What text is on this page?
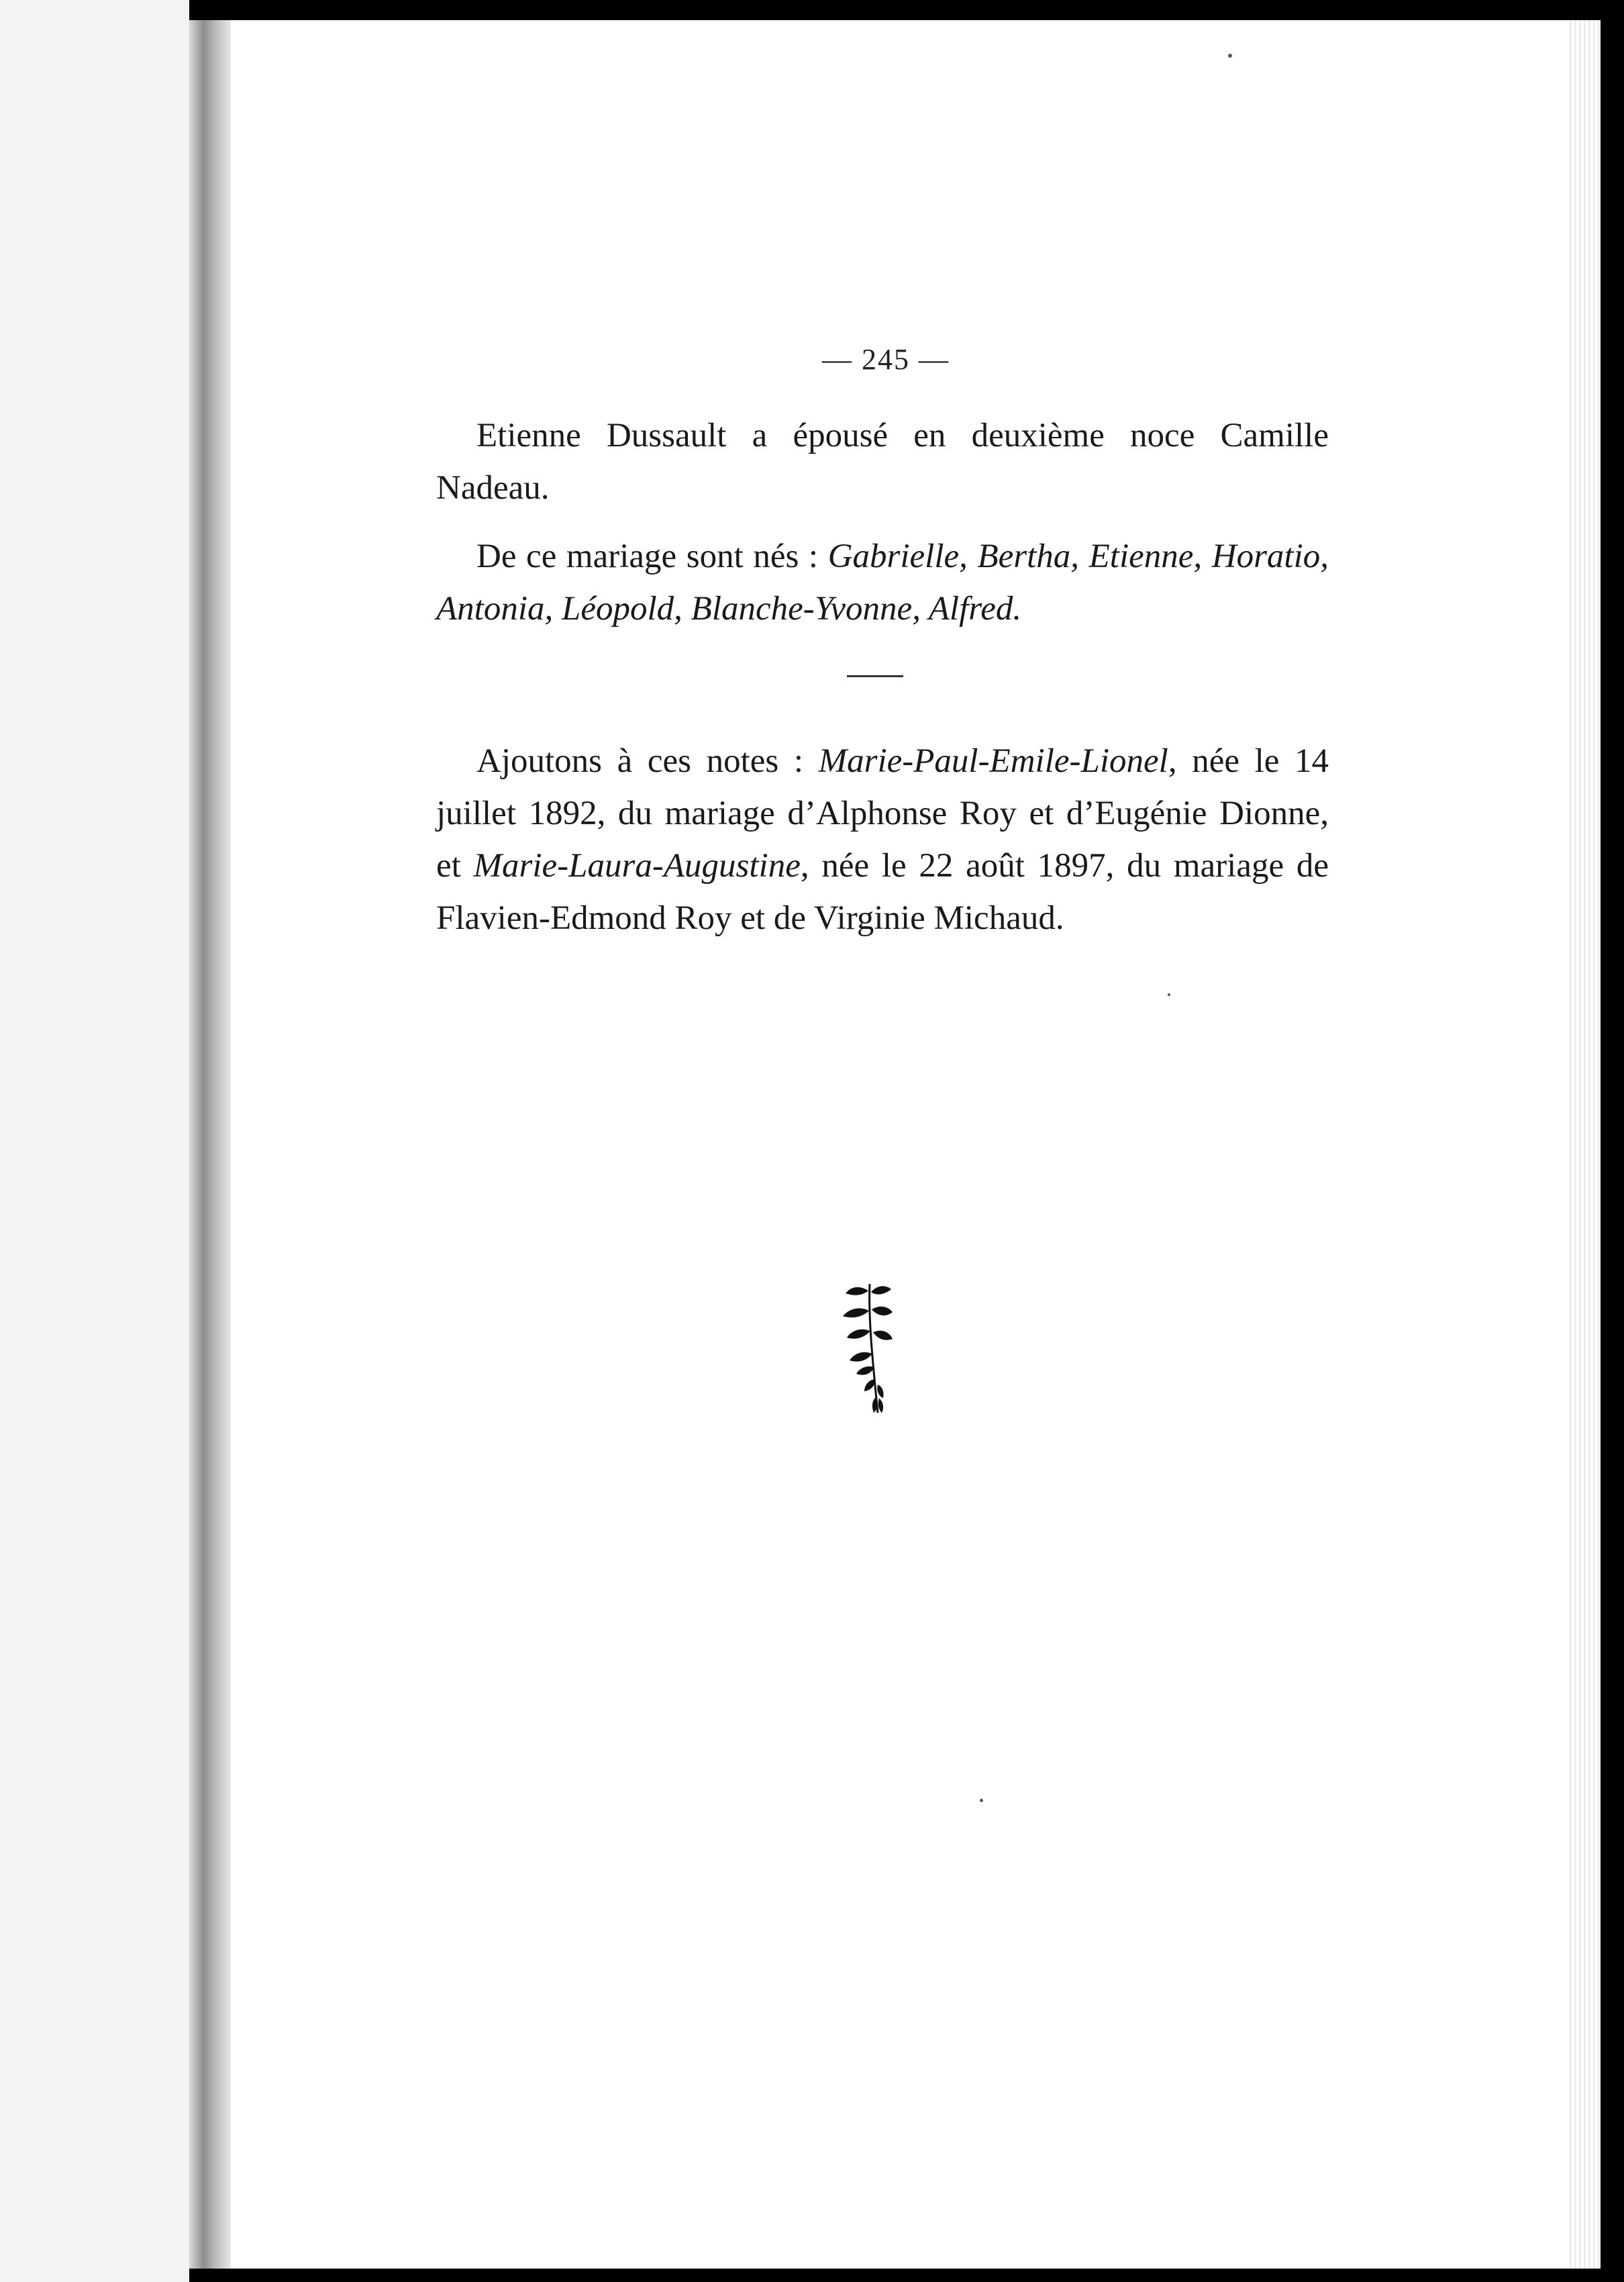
— 245 —
Etienne Dussault a épousé en deuxième noce Camille Nadeau.
De ce mariage sont nés : Gabrielle, Bertha, Etienne, Horatio, Antonia, Léopold, Blanche-Yvonne, Alfred.
Ajoutons à ces notes : Marie-Paul-Emile-Lionel, née le 14 juillet 1892, du mariage d’Alphonse Roy et d’Eugénie Dionne, et Marie-Laura-Augustine, née le 22 août 1897, du mariage de Flavien-Edmond Roy et de Virginie Michaud.
